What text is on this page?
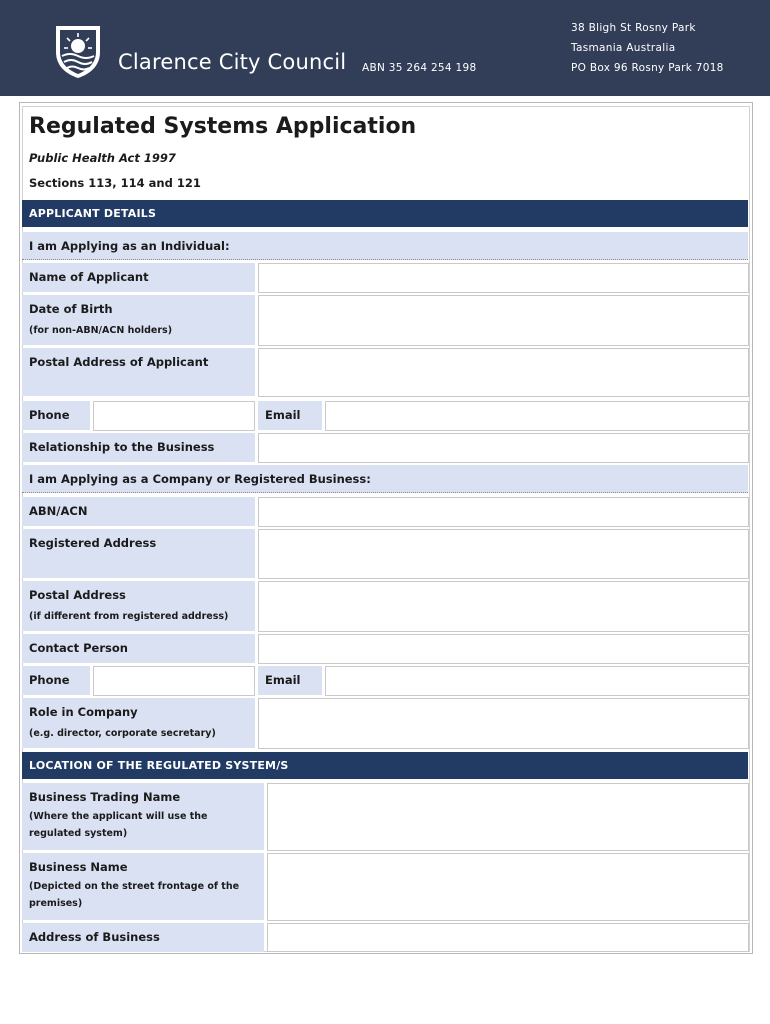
Clarence City Council ABN 35 264 254 198
38 Bligh St Rosny Park
Tasmania Australia
PO Box 96 Rosny Park 7018
Regulated Systems Application
Public Health Act 1997
Sections 113, 114 and 121
APPLICANT DETAILS
I am Applying as an Individual:
Name of Applicant
Date of Birth
(for non-ABN/ACN holders)
Postal Address of Applicant
Phone	Email
Relationship to the Business
I am Applying as a Company or Registered Business:
ABN/ACN
Registered Address
Postal Address
(if different from registered address)
Contact Person
Phone	Email
Role in Company
(e.g. director, corporate secretary)
LOCATION OF THE REGULATED SYSTEM/S
Business Trading Name
(Where the applicant will use the regulated system)
Business Name
(Depicted on the street frontage of the premises)
Address of Business
